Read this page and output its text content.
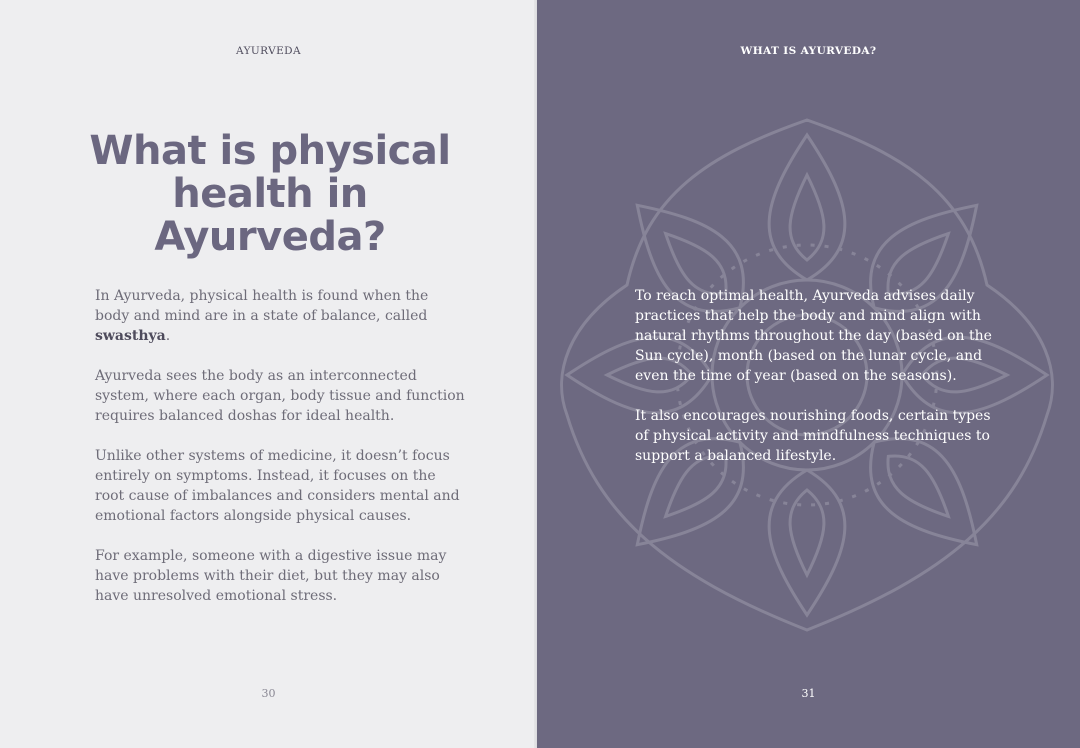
AYURVEDA
What is physical health in Ayurveda?

In Ayurveda, physical health is found when the body and mind are in a state of balance, called swasthya.

Ayurveda sees the body as an interconnected system, where each organ, body tissue and function requires balanced doshas for ideal health.

Unlike other systems of medicine, it doesn’t focus entirely on symptoms. Instead, it focuses on the root cause of imbalances and considers mental and emotional factors alongside physical causes.

For example, someone with a digestive issue may have problems with their diet, but they may also have unresolved emotional stress.

30
WHAT IS AYURVEDA?

To reach optimal health, Ayurveda advises daily practices that help the body and mind align with natural rhythms throughout the day (based on the Sun cycle), month (based on the lunar cycle, and even the time of year (based on the seasons).

It also encourages nourishing foods, certain types of physical activity and mindfulness techniques to support a balanced lifestyle.

31
